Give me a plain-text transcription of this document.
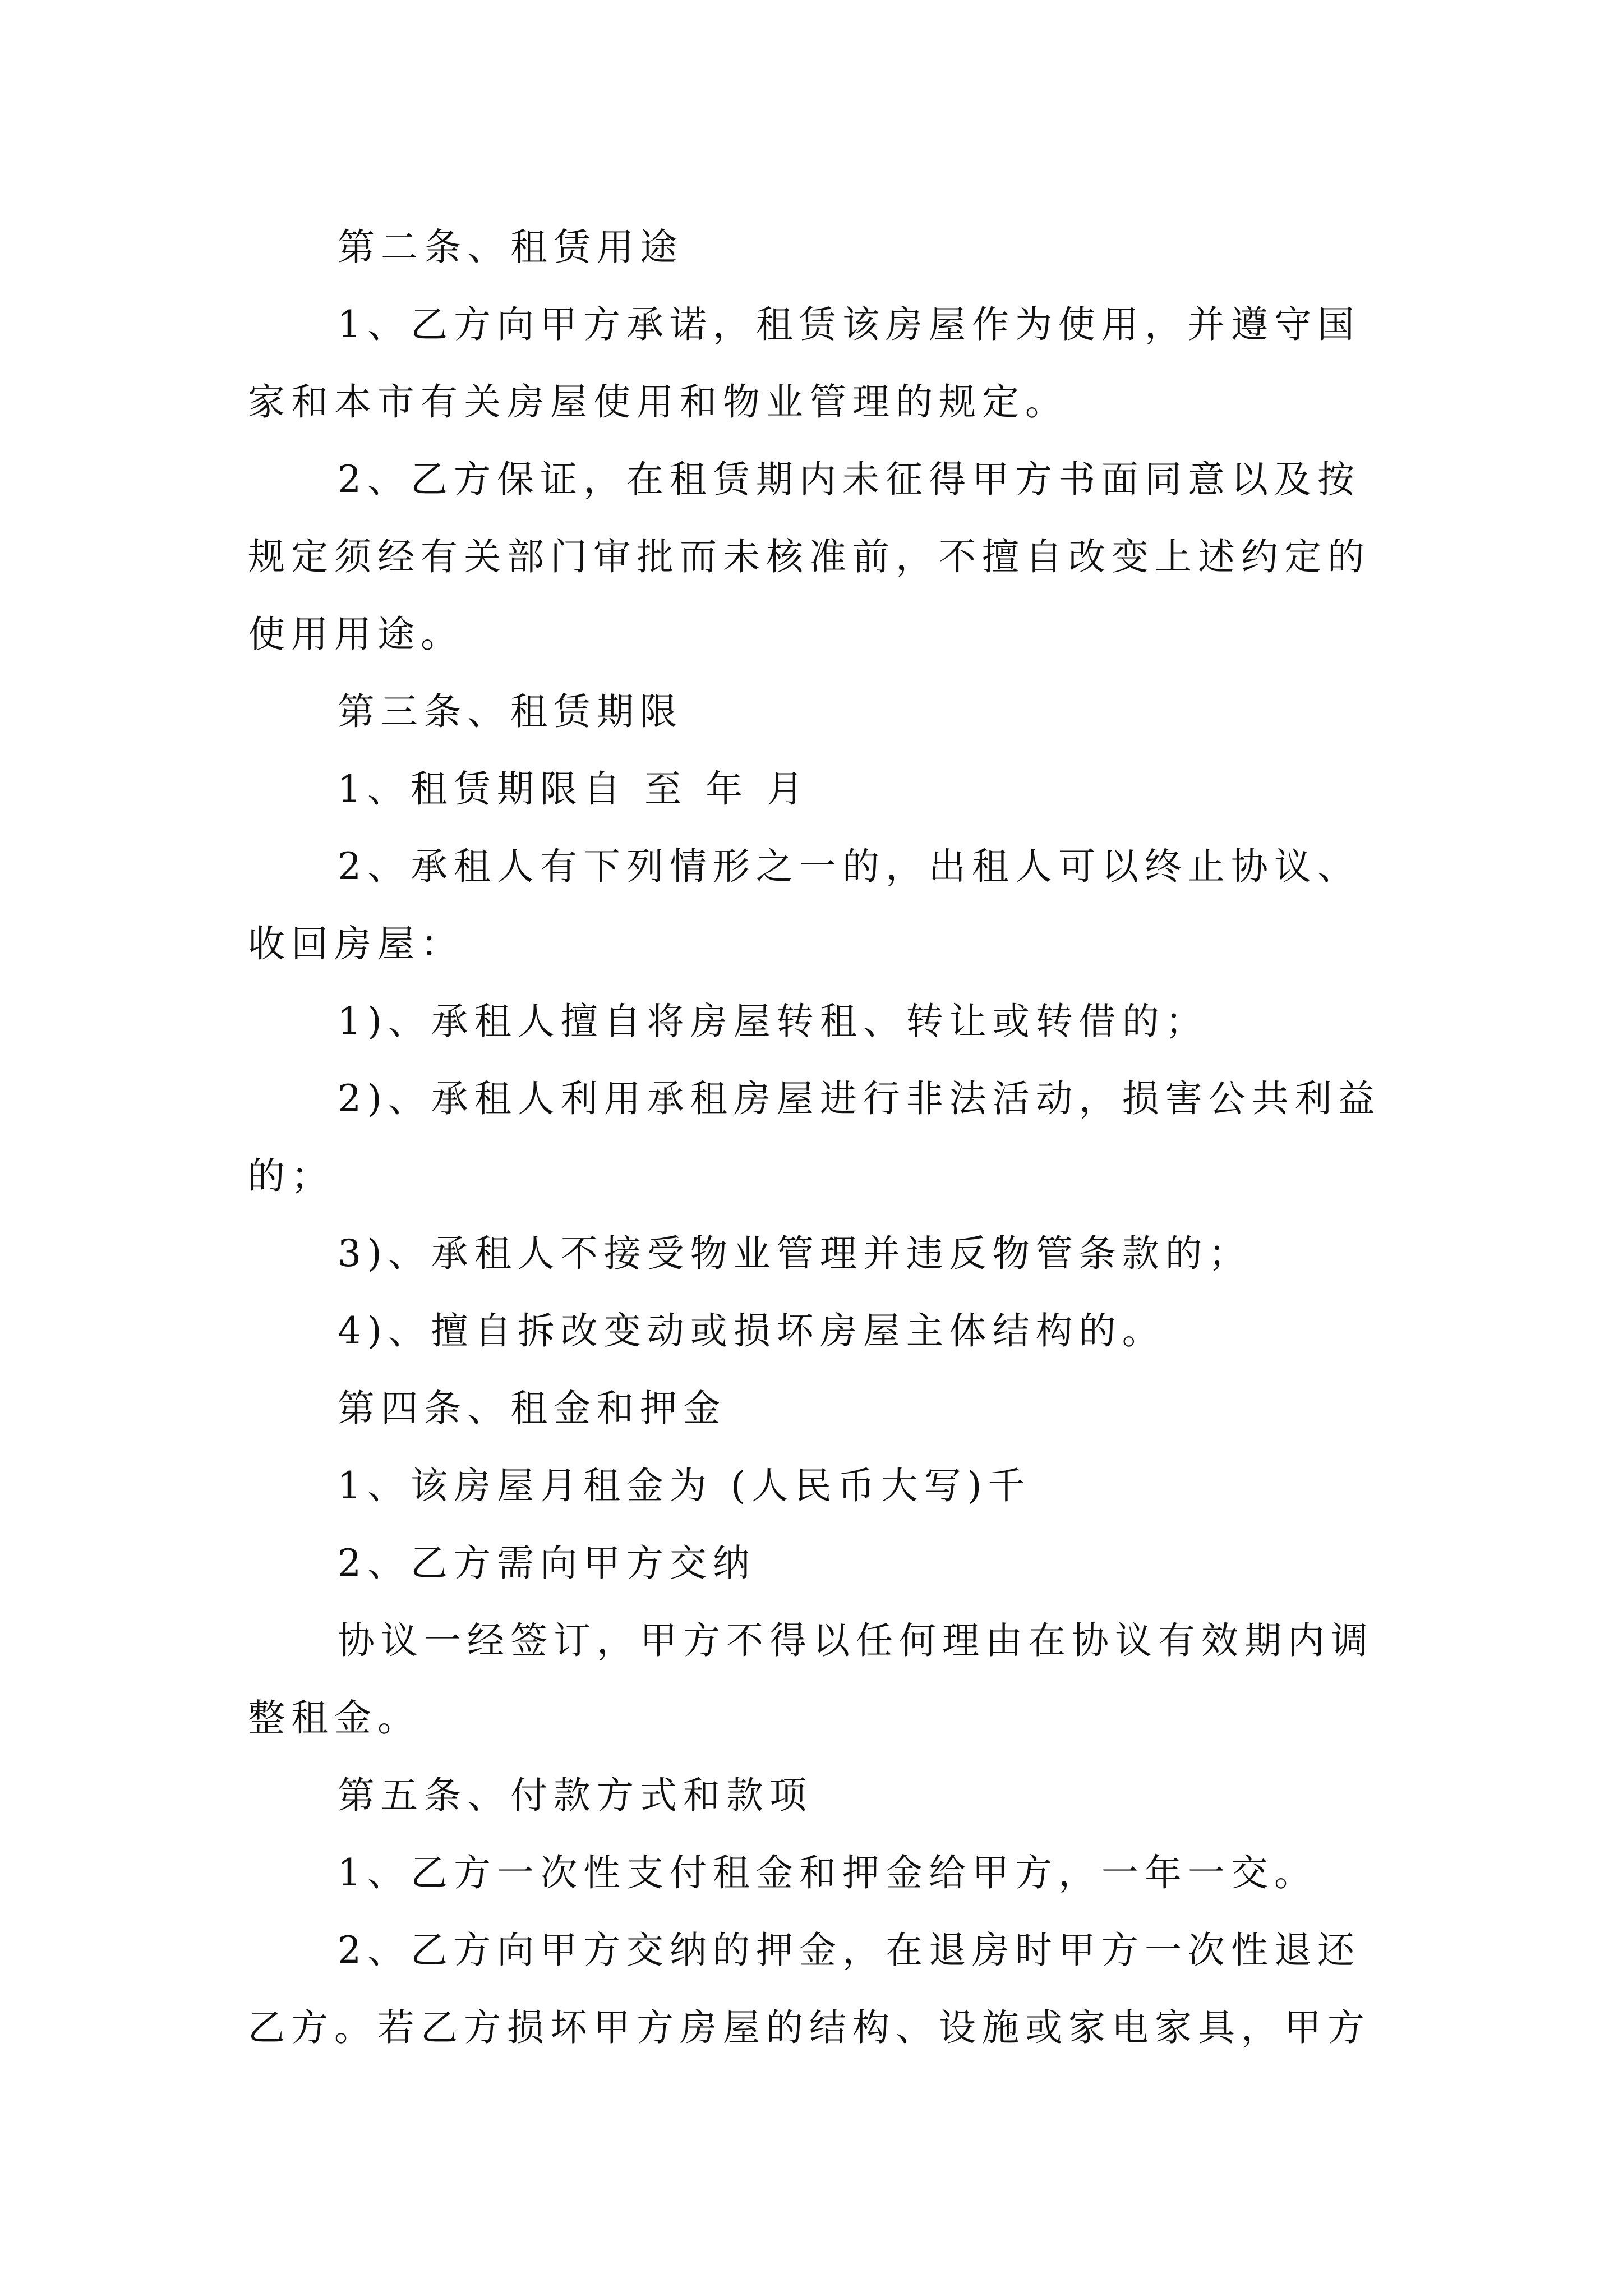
第二条、租赁用途

1、乙方向甲方承诺，租赁该房屋作为使用，并遵守国家和本市有关房屋使用和物业管理的规定。

2、乙方保证，在租赁期内未征得甲方书面同意以及按规定须经有关部门审批而未核准前，不擅自改变上述约定的使用用途。

第三条、租赁期限

1、租赁期限自 至 年 月

2、承租人有下列情形之一的，出租人可以终止协议、收回房屋：

1)、承租人擅自将房屋转租、转让或转借的；

2)、承租人利用承租房屋进行非法活动，损害公共利益的；

3)、承租人不接受物业管理并违反物管条款的；

4)、擅自拆改变动或损坏房屋主体结构的。

第四条、租金和押金

1、该房屋月租金为 (人民币大写)千

2、乙方需向甲方交纳

协议一经签订，甲方不得以任何理由在协议有效期内调整租金。

第五条、付款方式和款项

1、乙方一次性支付租金和押金给甲方，一年一交。

2、乙方向甲方交纳的押金，在退房时甲方一次性退还乙方。若乙方损坏甲方房屋的结构、设施或家电家具，甲方
